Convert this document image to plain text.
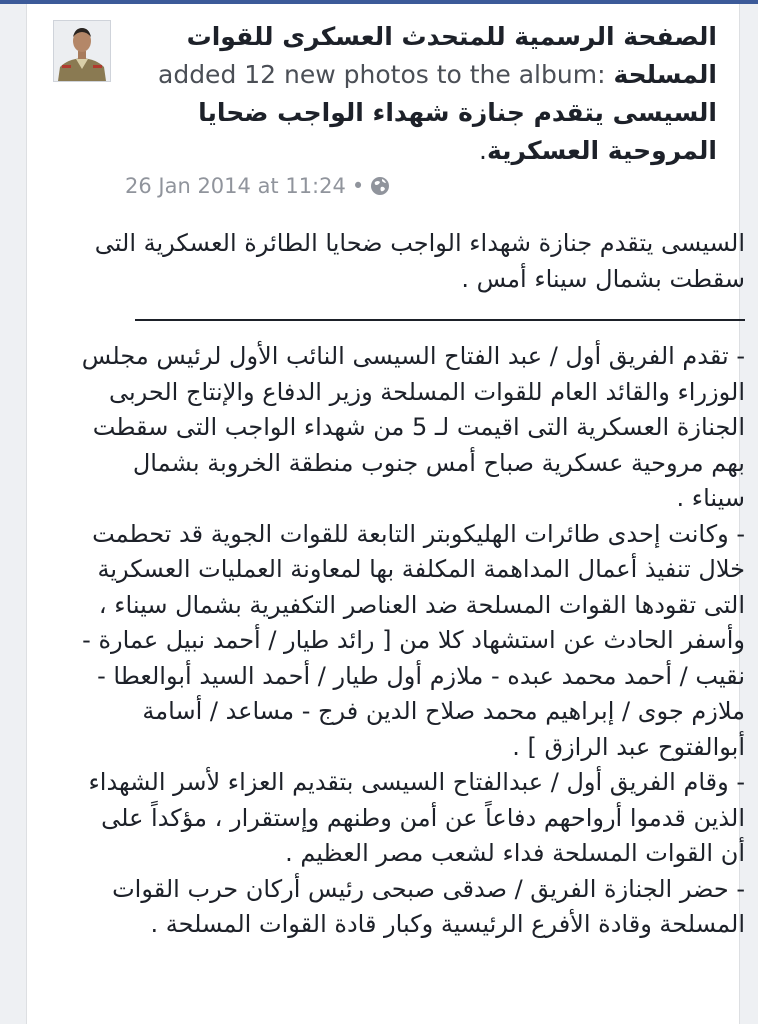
الصفحة الرسمية للمتحدث العسكرى للقوات المسلحة added 12 new photos to the album: السيسى يتقدم جنازة شهداء الواجب ضحايا المروحية العسكرية.
26 Jan 2014 at 11:24 •

السيسى يتقدم جنازة شهداء الواجب ضحايا الطائرة العسكرية التى سقطت بشمال سيناء أمس .

- تقدم الفريق أول / عبد الفتاح السيسى النائب الأول لرئيس مجلس الوزراء والقائد العام للقوات المسلحة وزير الدفاع والإنتاج الحربى الجنازة العسكرية التى اقيمت لـ 5 من شهداء الواجب التى سقطت بهم مروحية عسكرية صباح أمس جنوب منطقة الخروبة بشمال سيناء .

- وكانت إحدى طائرات الهليكوبتر التابعة للقوات الجوية قد تحطمت خلال تنفيذ أعمال المداهمة المكلفة بها لمعاونة العمليات العسكرية التى تقودها القوات المسلحة ضد العناصر التكفيرية بشمال سيناء ، وأسفر الحادث عن استشهاد كلا من [ رائد طيار / أحمد نبيل عمارة - نقيب / أحمد محمد عبده - ملازم أول طيار / أحمد السيد أبوالعطا - ملازم جوى / إبراهيم محمد صلاح الدين فرج - مساعد / أسامة أبوالفتوح عبد الرازق ] .

- وقام الفريق أول / عبدالفتاح السيسى بتقديم العزاء لأسر الشهداء الذين قدموا أرواحهم دفاعاً عن أمن وطنهم وإستقرار ، مؤكداً على أن القوات المسلحة فداء لشعب مصر العظيم .

- حضر الجنازة الفريق / صدقى صبحى رئيس أركان حرب القوات المسلحة وقادة الأفرع الرئيسية وكبار قادة القوات المسلحة .
